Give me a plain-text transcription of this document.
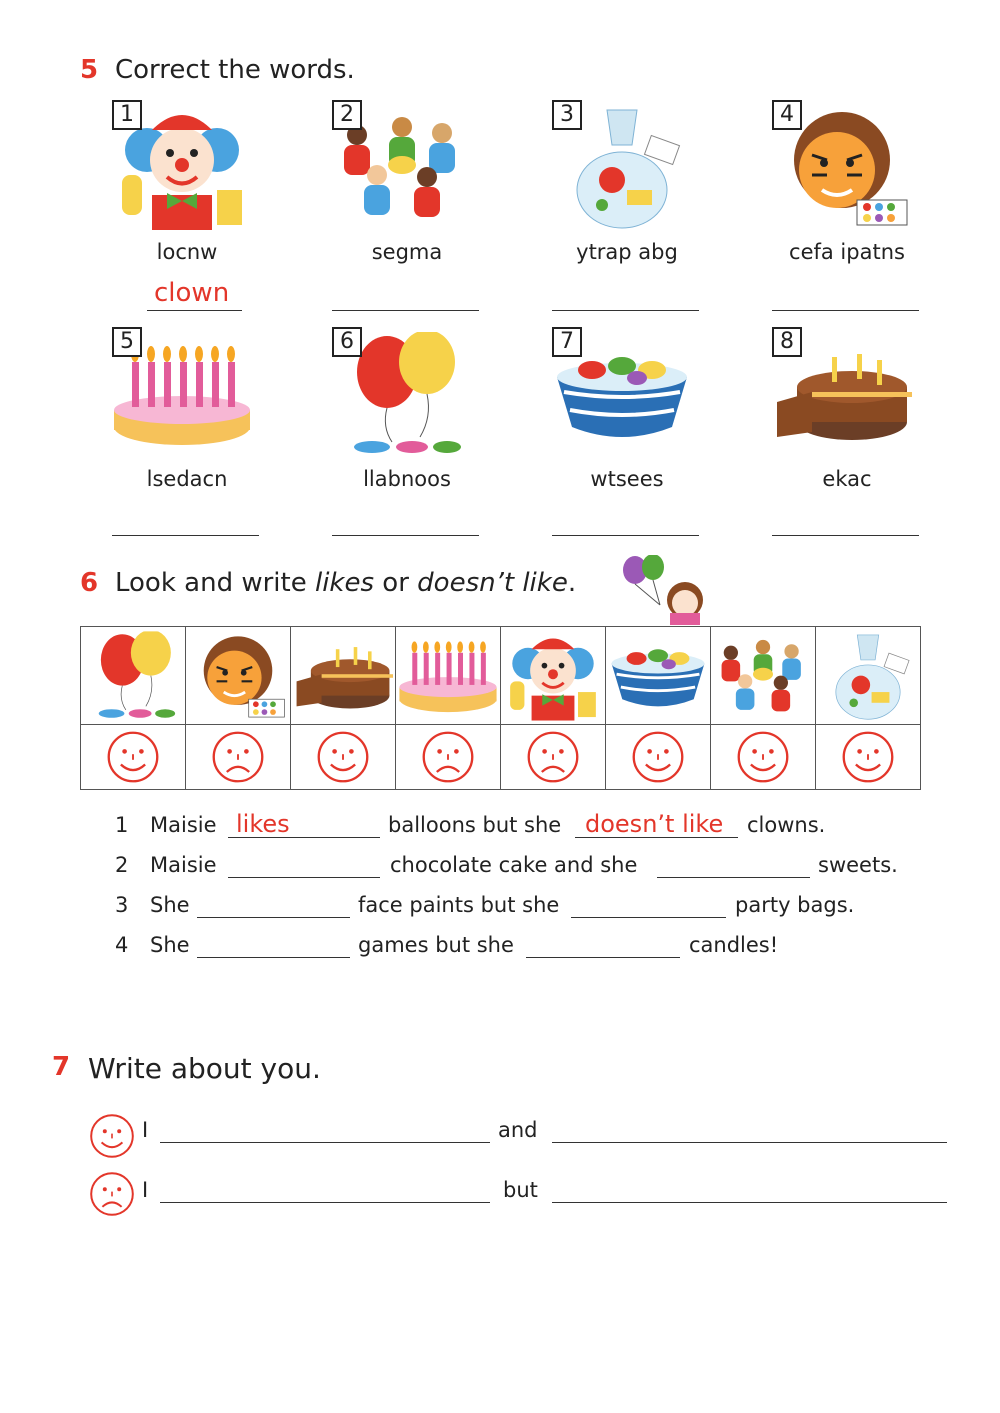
5 Correct the words.
1
locnw
clown
2
segma
3
ytrap abg
4
cefa ipatns
5
lsedacn
6
llabnoos
7
wtsees
8
ekac
6 Look and write likes or doesn’t like.

1 Maisie likes	balloons but she doesn’t like clowns.
2 Maisie	chocolate cake and she	sweets.
3 She	face paints but she	party bags.
4 She	games but she	candles!
7 Write about you.
I	and
I	but
